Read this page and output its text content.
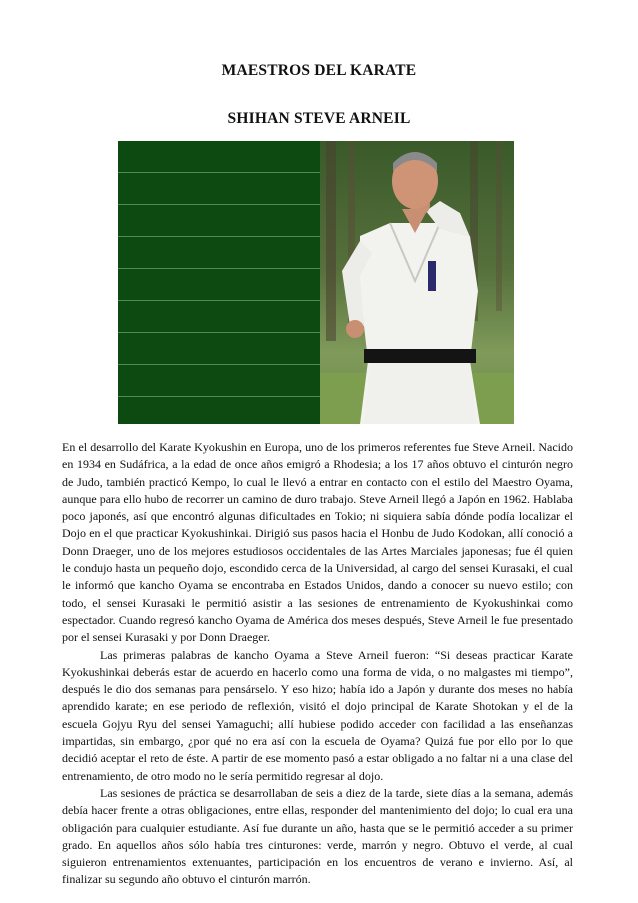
MAESTROS DEL KARATE
SHIHAN STEVE ARNEIL

En el desarrollo del Karate Kyokushin en Europa, uno de los primeros referentes fue Steve Arneil. Nacido en 1934 en Sudáfrica, a la edad de once años emigró a Rhodesia; a los 17 años obtuvo el cinturón negro de Judo, también practicó Kempo, lo cual le llevó a entrar en contacto con el estilo del Maestro Oyama, aunque para ello hubo de recorrer un camino de duro trabajo. Steve Arneil llegó a Japón en 1962. Hablaba poco japonés, así que encontró algunas dificultades en Tokio; ni siquiera sabía dónde podía localizar el Dojo en el que practicar Kyokushinkai. Dirigió sus pasos hacia el Honbu de Judo Kodokan, allí conoció a Donn Draeger, uno de los mejores estudiosos occidentales de las Artes Marciales japonesas; fue él quien le condujo hasta un pequeño dojo, escondido cerca de la Universidad, al cargo del sensei Kurasaki, el cual le informó que kancho Oyama se encontraba en Estados Unidos, dando a conocer su nuevo estilo; con todo, el sensei Kurasaki le permitió asistir a las sesiones de entrenamiento de Kyokushinkai como espectador. Cuando regresó kancho Oyama de América dos meses después, Steve Arneil le fue presentado por el sensei Kurasaki y por Donn Draeger.

Las primeras palabras de kancho Oyama a Steve Arneil fueron: “Si deseas practicar Karate Kyokushinkai deberás estar de acuerdo en hacerlo como una forma de vida, o no malgastes mi tiempo”, después le dio dos semanas para pensárselo. Y eso hizo; había ido a Japón y durante dos meses no había aprendido karate; en ese periodo de reflexión, visitó el dojo principal de Karate Shotokan y el de la escuela Gojyu Ryu del sensei Yamaguchi; allí hubiese podido acceder con facilidad a las enseñanzas impartidas, sin embargo, ¿por qué no era así con la escuela de Oyama? Quizá fue por ello por lo que decidió aceptar el reto de éste. A partir de ese momento pasó a estar obligado a no faltar ni a una clase del entrenamiento, de otro modo no le sería permitido regresar al dojo.

Las sesiones de práctica se desarrollaban de seis a diez de la tarde, siete días a la semana, además debía hacer frente a otras obligaciones, entre ellas, responder del mantenimiento del dojo; lo cual era una obligación para cualquier estudiante. Así fue durante un año, hasta que se le permitió acceder a su primer grado. En aquellos años sólo había tres cinturones: verde, marrón y negro. Obtuvo el verde, al cual siguieron entrenamientos extenuantes, participación en los encuentros de verano e invierno. Así, al finalizar su segundo año obtuvo el cinturón marrón.
